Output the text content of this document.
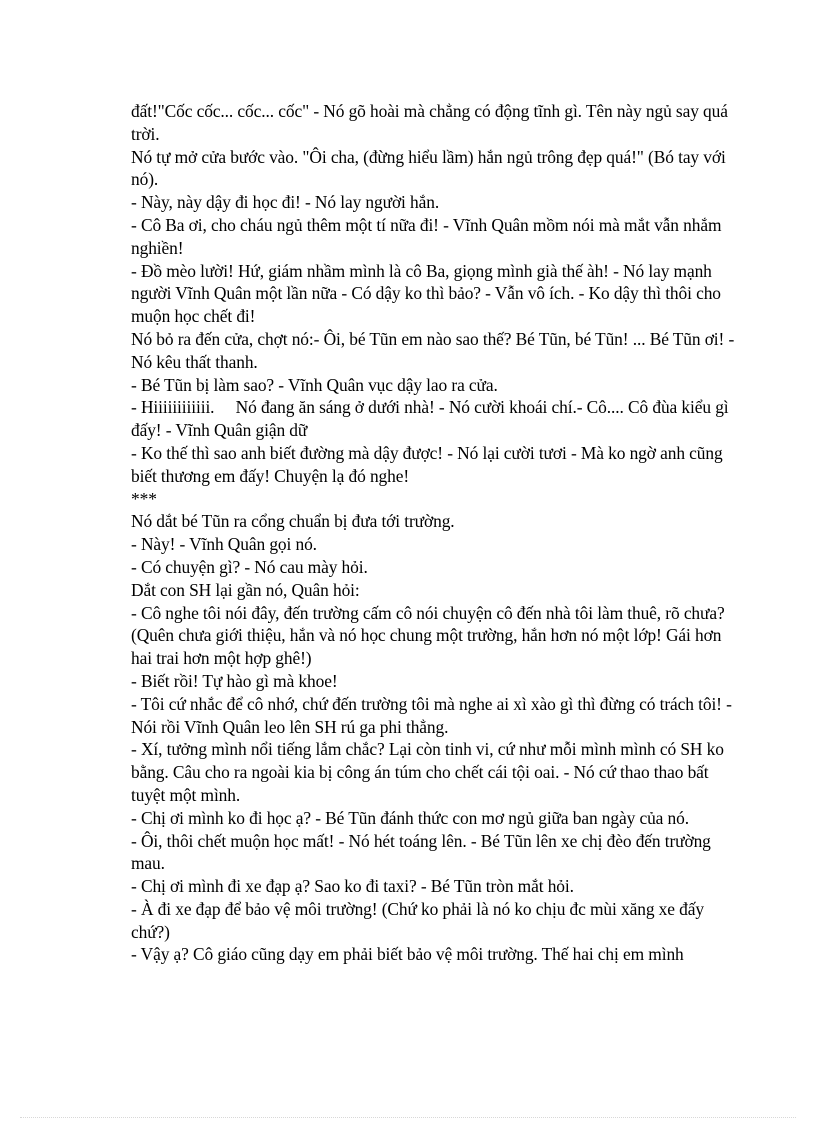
đất!"Cốc cốc... cốc... cốc" - Nó gõ hoài mà chẳng có động tĩnh gì. Tên này ngủ say quá trời.

Nó tự mở cửa bước vào. "Ôi cha, (đừng hiểu lầm) hắn ngủ trông đẹp quá!" (Bó tay với nó).

- Này, này dậy đi học đi! - Nó lay người hắn.

- Cô Ba ơi, cho cháu ngủ thêm một tí nữa đi! - Vĩnh Quân mồm nói mà mắt vẫn nhắm nghiền!

- Đồ mèo lười! Hứ, giám nhầm mình là cô Ba, giọng mình già thế àh! - Nó lay mạnh người Vĩnh Quân một lần nữa - Có dậy ko thì bảo? - Vẫn vô ích. - Ko dậy thì thôi cho muộn học chết đi!

Nó bỏ ra đến cửa, chợt nó:- Ôi, bé Tũn em nào sao thế? Bé Tũn, bé Tũn! ... Bé Tũn ơi! - Nó kêu thất thanh.

- Bé Tũn bị làm sao? - Vĩnh Quân vục dậy lao ra cửa.

- Hiiiiiiiiiiii.     Nó đang ăn sáng ở dưới nhà! - Nó cười khoái chí.- Cô.... Cô đùa kiểu gì đấy! - Vĩnh Quân giận dữ

- Ko thế thì sao anh biết đường mà dậy được! - Nó lại cười tươi - Mà ko ngờ anh cũng biết thương em đấy! Chuyện lạ đó nghe!

***

Nó dắt bé Tũn ra cổng chuẩn bị đưa tới trường.

- Này! - Vĩnh Quân gọi nó.

- Có chuyện gì? - Nó cau mày hỏi.

Dắt con SH lại gần nó, Quân hỏi:

- Cô nghe tôi nói đây, đến trường cấm cô nói chuyện cô đến nhà tôi làm thuê, rõ chưa? (Quên chưa giới thiệu, hắn và nó học chung một trường, hắn hơn nó một lớp! Gái hơn hai trai hơn một hợp ghê!)

- Biết rồi! Tự hào gì mà khoe!

- Tôi cứ nhắc để cô nhớ, chứ đến trường tôi mà nghe ai xì xào gì thì đừng có trách tôi! - Nói rồi Vĩnh Quân leo lên SH rú ga phi thẳng.

- Xí, tưởng mình nổi tiếng lắm chắc? Lại còn tinh vi, cứ như mỗi mình mình có SH ko bằng. Câu cho ra ngoài kia bị công án túm cho chết cái tội oai. - Nó cứ thao thao bất tuyệt một mình.

- Chị ơi mình ko đi học ạ? - Bé Tũn đánh thức con mơ ngủ giữa ban ngày của nó.

- Ôi, thôi chết muộn học mất! - Nó hét toáng lên. - Bé Tũn lên xe chị đèo đến trường mau.

- Chị ơi mình đi xe đạp ạ? Sao ko đi taxi? - Bé Tũn tròn mắt hỏi.

- À đi xe đạp để bảo vệ môi trường! (Chứ ko phải là nó ko chịu đc mùi xăng xe đấy chứ?)

- Vậy ạ? Cô giáo cũng dạy em phải biết bảo vệ môi trường. Thế hai chị em mình
